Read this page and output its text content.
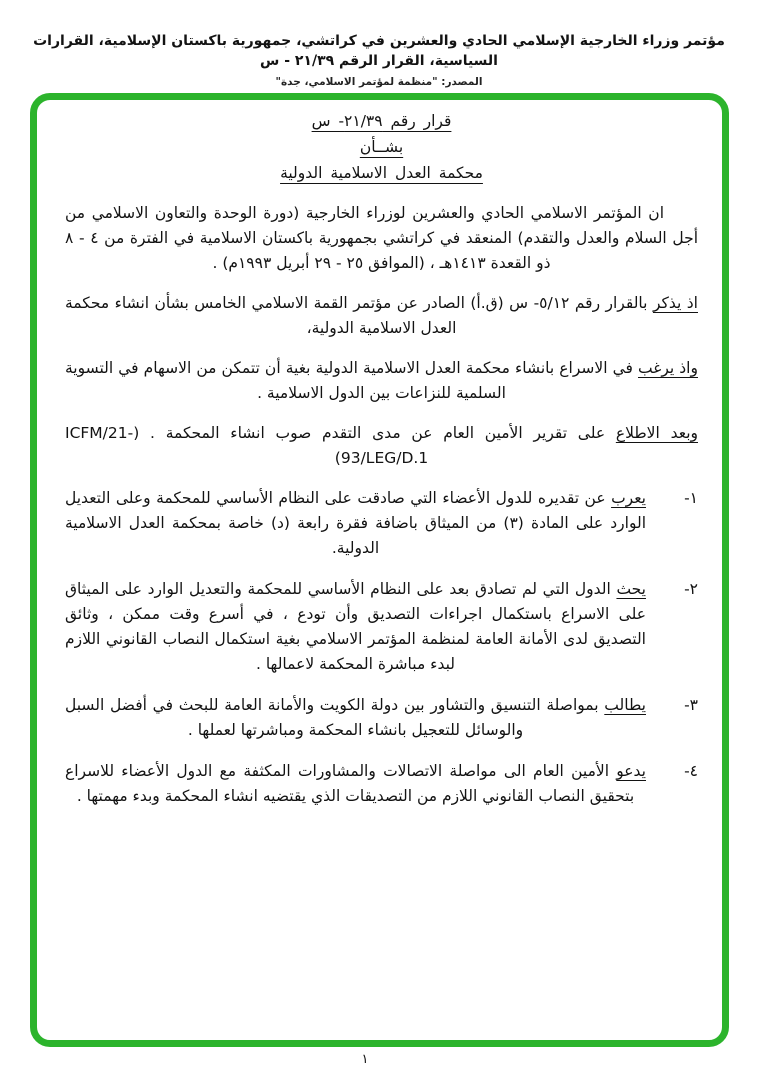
مؤتمر وزراء الخارجية الإسلامي الحادي والعشرين في كراتشي، جمهورية باكستان الإسلامية، القرارات السياسية، القرار الرقم ٢١/٣٩ - س
المصدر: "منظمة لمؤتمر الاسلامي، جدة"
قرار رقم ٢١/٣٩- س
بشــأن
محكمة العدل الاسلامية الدولية

ان المؤتمر الاسلامي الحادي والعشرين لوزراء الخارجية (دورة الوحدة والتعاون الاسلامي من أجل السلام والعدل والتقدم) المنعقد في كراتشي بجمهورية باكستان الاسلامية في الفترة من ٤ - ٨ ذو القعدة ١٤١٣هـ ، (الموافق ٢٥ - ٢٩ أبريل ١٩٩٣م) .

اذ يذكر بالقرار رقم ٥/١٢- س (ق.أ) الصادر عن مؤتمر القمة الاسلامي الخامس بشأن انشاء محكمة العدل الاسلامية الدولية،

واذ يرغب في الاسراع بانشاء محكمة العدل الاسلامية الدولية بغية أن تتمكن من الاسهام في التسوية السلمية للنزاعات بين الدول الاسلامية .

وبعد الاطلاع على تقرير الأمين العام عن مدى التقدم صوب انشاء المحكمة . (ICFM/21-93/LEG/D.1)

١-
يعرب عن تقديره للدول الأعضاء التي صادقت على النظام الأساسي للمحكمة وعلى التعديل الوارد على المادة (٣) من الميثاق باضافة فقرة رابعة (د) خاصة بمحكمة العدل الاسلامية الدولية.
٢-
يحث الدول التي لم تصادق بعد على النظام الأساسي للمحكمة والتعديل الوارد على الميثاق على الاسراع باستكمال اجراءات التصديق وأن تودع ، في أسرع وقت ممكن ، وثائق التصديق لدى الأمانة العامة لمنظمة المؤتمر الاسلامي بغية استكمال النصاب القانوني اللازم لبدء مباشرة المحكمة لاعمالها .
٣-
يطالب بمواصلة التنسيق والتشاور بين دولة الكويت والأمانة العامة للبحث في أفضل السبل والوسائل للتعجيل بانشاء المحكمة ومباشرتها لعملها .
٤-
يدعو الأمين العام الى مواصلة الاتصالات والمشاورات المكثفة مع الدول الأعضاء للاسراع بتحقيق النصاب القانوني اللازم من التصديقات الذي يقتضيه انشاء المحكمة وبدء مهمتها .
١
